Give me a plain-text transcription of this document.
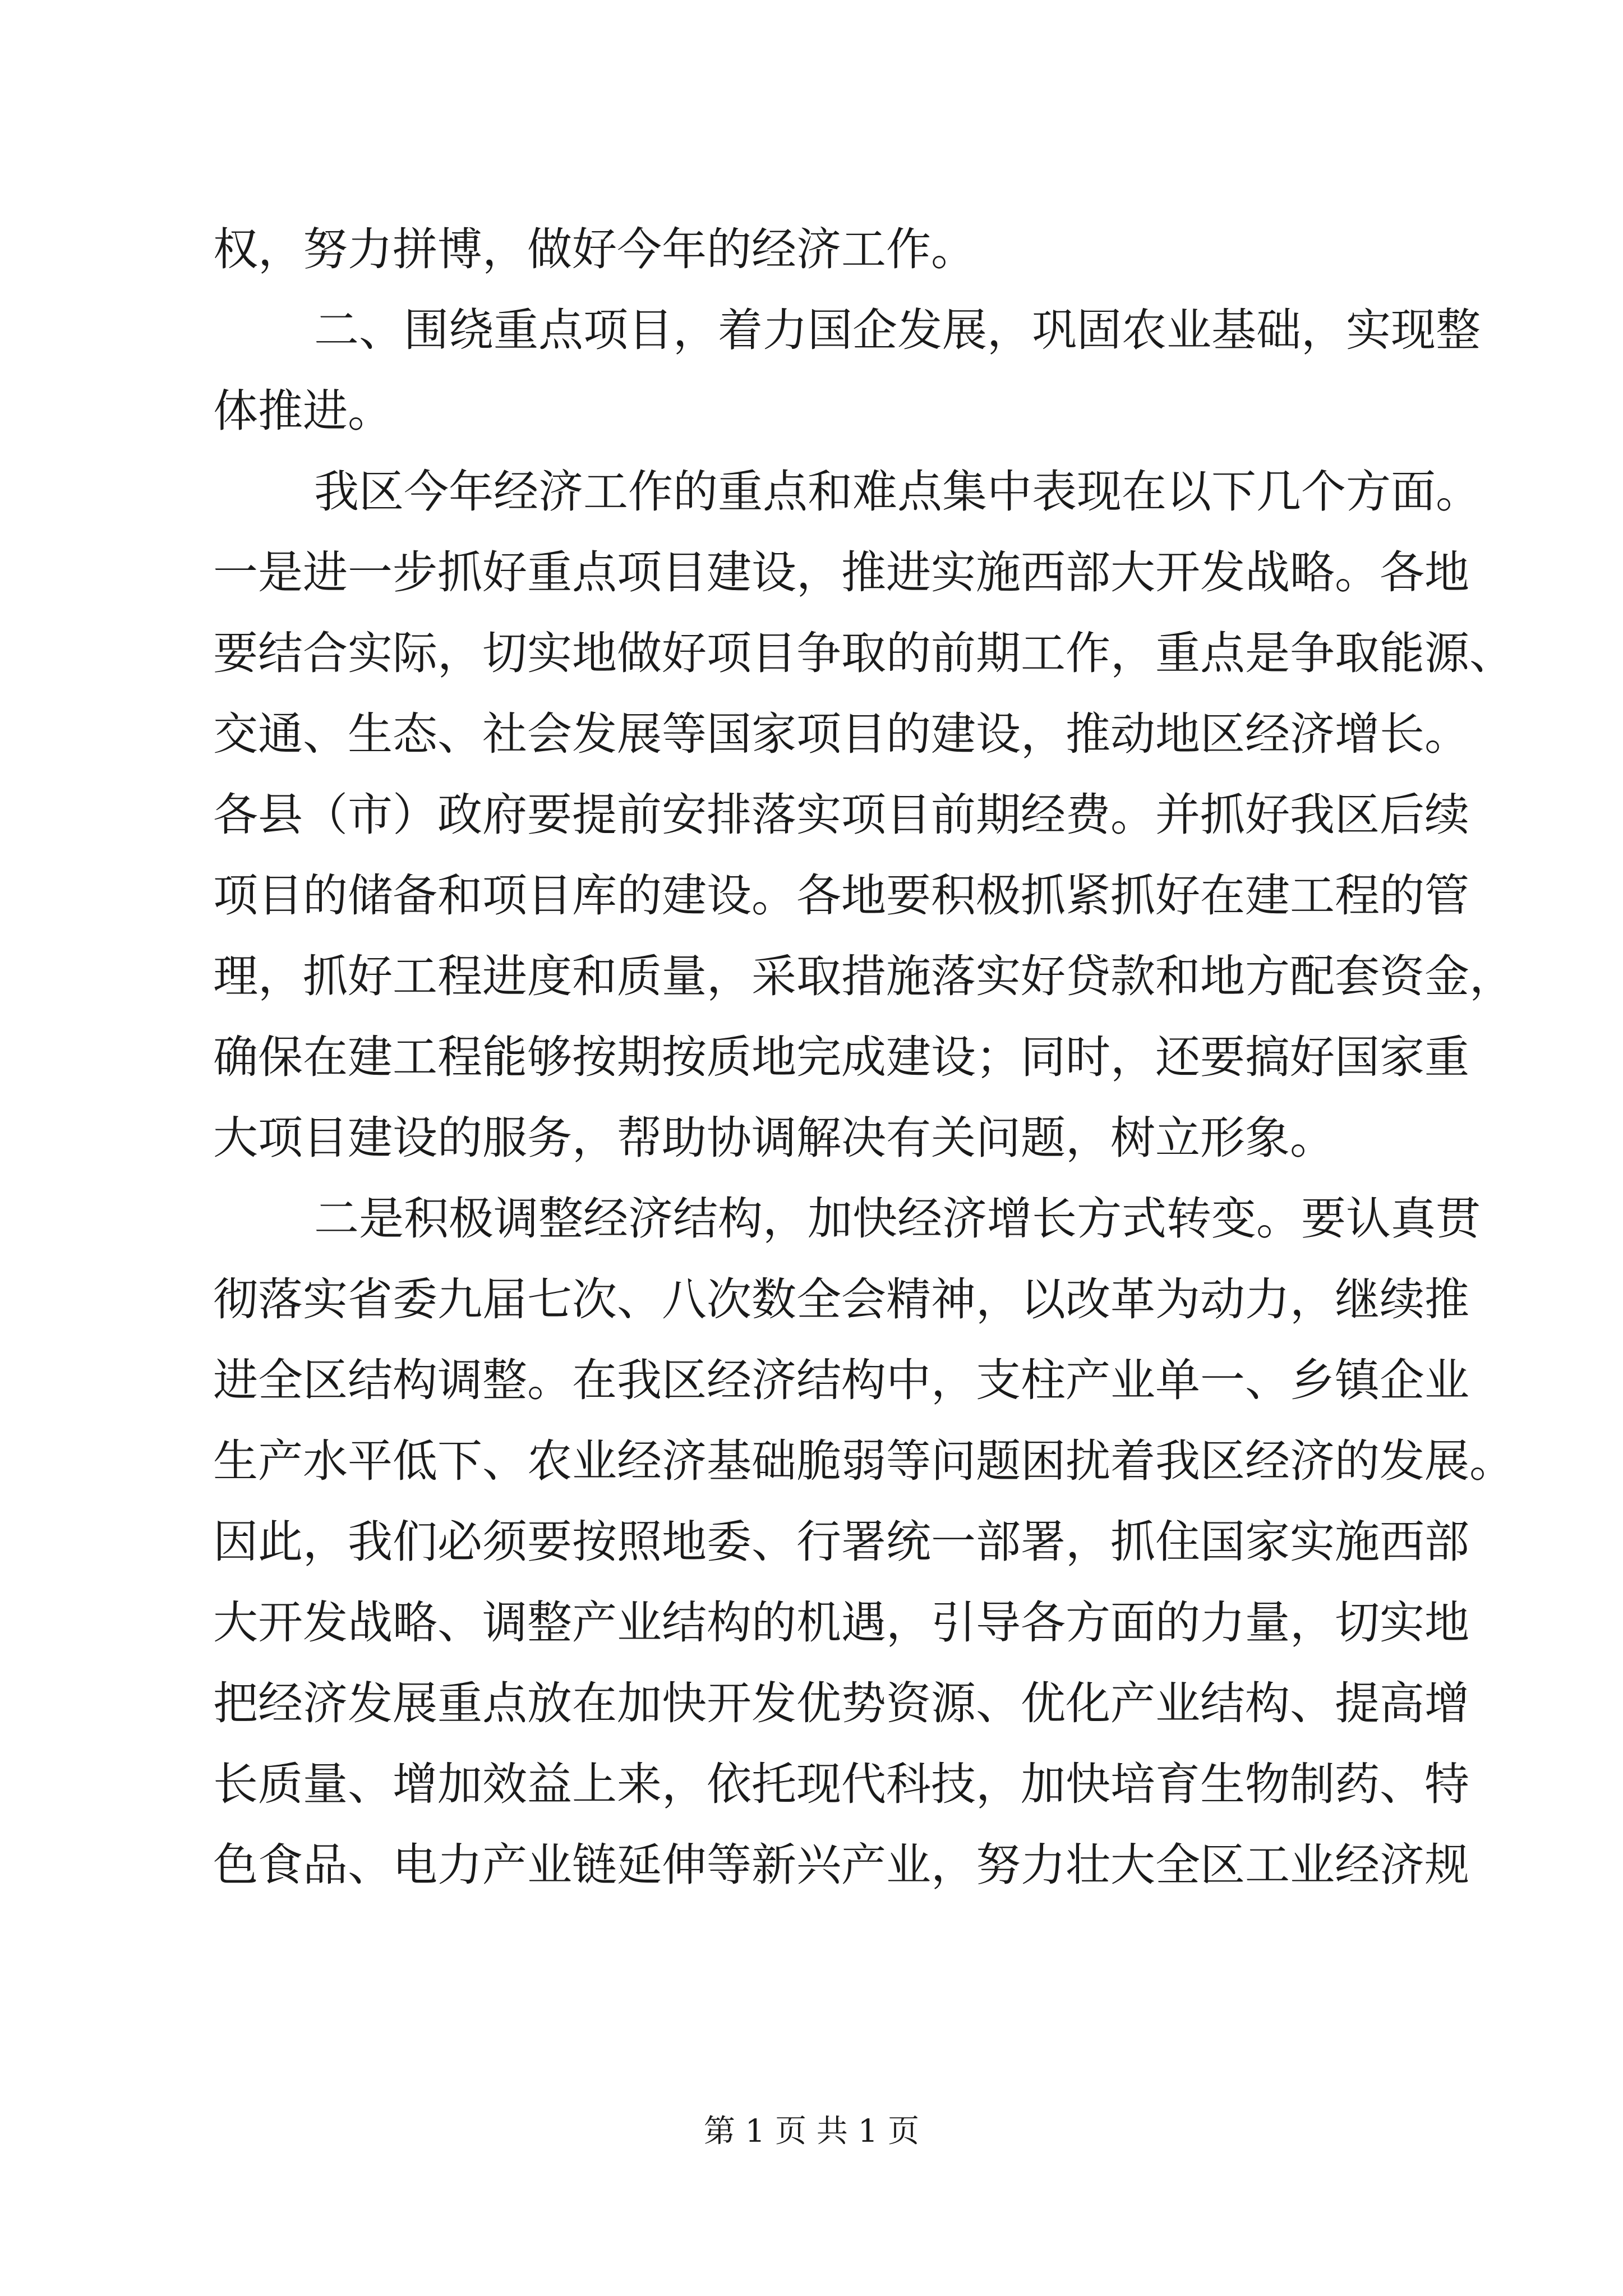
权，努力拼博，做好今年的经济工作。
二、围绕重点项目，着力国企发展，巩固农业基础，实现整
体推进。
我区今年经济工作的重点和难点集中表现在以下几个方面。
一是进一步抓好重点项目建设，推进实施西部大开发战略。各地
要结合实际，切实地做好项目争取的前期工作，重点是争取能源、
交通、生态、社会发展等国家项目的建设，推动地区经济增长。
各县（市）政府要提前安排落实项目前期经费。并抓好我区后续
项目的储备和项目库的建设。各地要积极抓紧抓好在建工程的管
理，抓好工程进度和质量，采取措施落实好贷款和地方配套资金，
确保在建工程能够按期按质地完成建设；同时，还要搞好国家重
大项目建设的服务，帮助协调解决有关问题，树立形象。
二是积极调整经济结构，加快经济增长方式转变。要认真贯
彻落实省委九届七次、八次数全会精神，以改革为动力，继续推
进全区结构调整。在我区经济结构中，支柱产业单一、乡镇企业
生产水平低下、农业经济基础脆弱等问题困扰着我区经济的发展。
因此，我们必须要按照地委、行署统一部署，抓住国家实施西部
大开发战略、调整产业结构的机遇，引导各方面的力量，切实地
把经济发展重点放在加快开发优势资源、优化产业结构、提高增
长质量、增加效益上来，依托现代科技，加快培育生物制药、特
色食品、电力产业链延伸等新兴产业，努力壮大全区工业经济规
第 1 页 共 1 页
